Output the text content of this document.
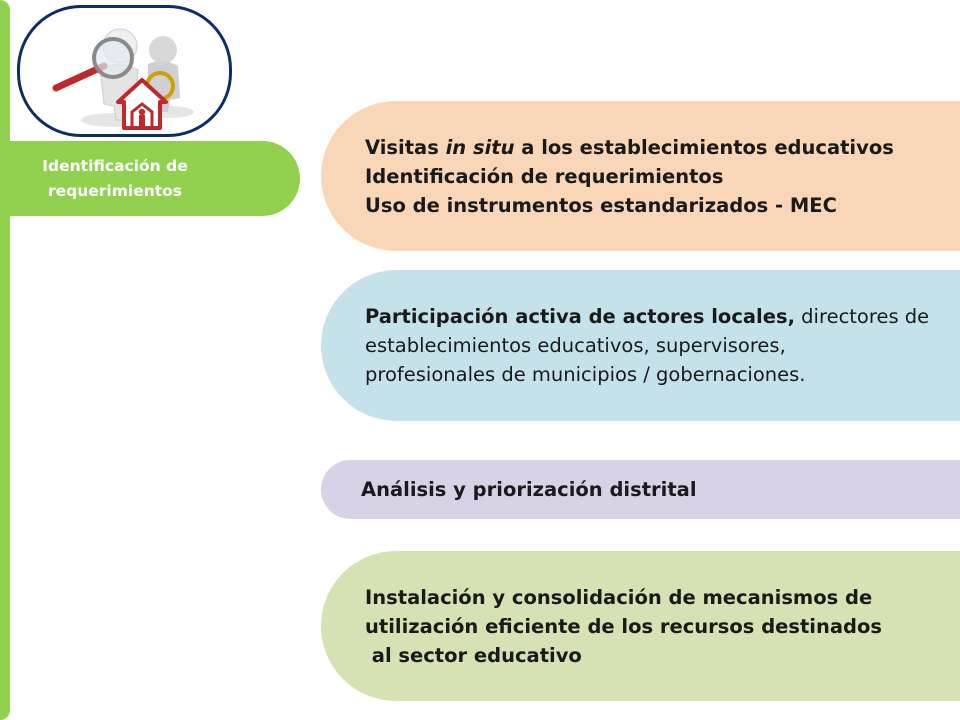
Identificación de
requerimientos
Visitas in situ a los establecimientos educativos
Identificación de requerimientos
Uso de instrumentos estandarizados - MEC
Participación activa de actores locales, directores de
establecimientos educativos, supervisores,
profesionales de municipios / gobernaciones.
Análisis y priorización distrital
Instalación y consolidación de mecanismos de
utilización eficiente de los recursos destinados
al sector educativo
